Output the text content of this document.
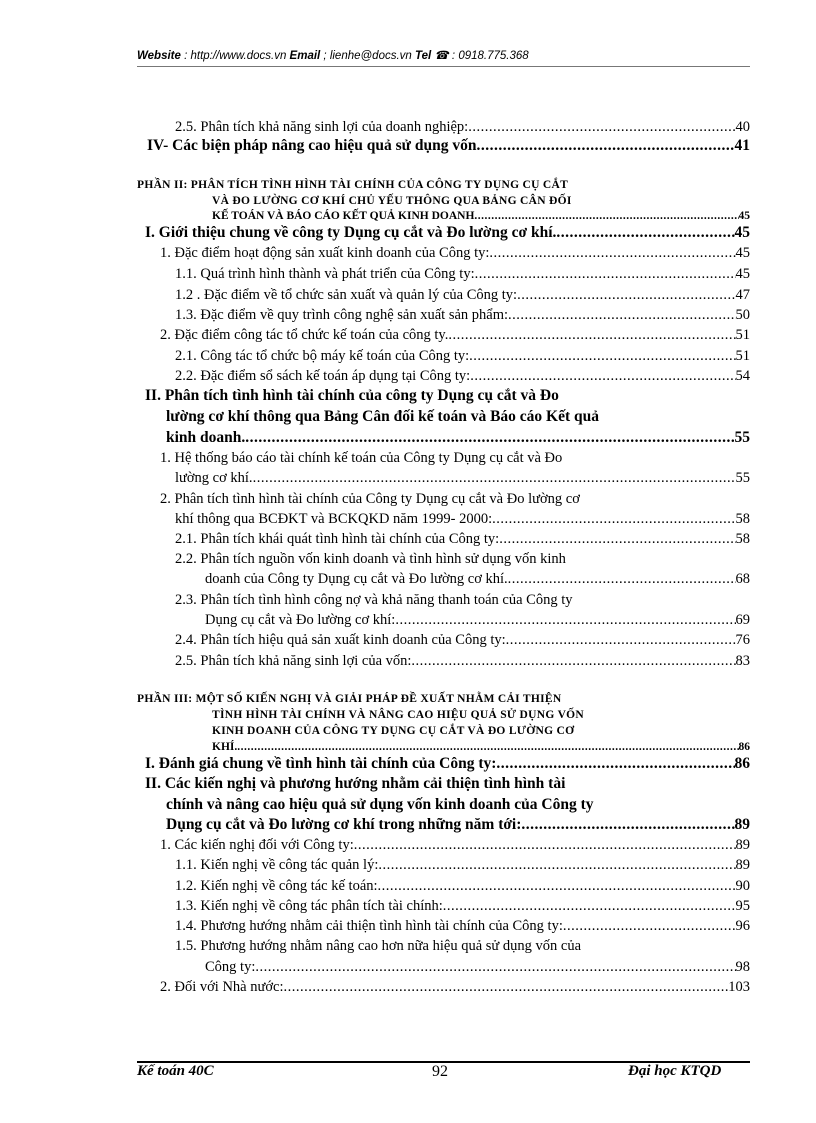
Website : http://www.docs.vn Email ; lienhe@docs.vn Tel ☎ : 0918.775.368
2.5. Phân tích khả năng sinh lợi của doanh nghiệp: .....	40
IV- Các biện pháp nâng cao hiệu quả sử dụng vốn .....	41
PHẦN II: PHÂN TÍCH TÌNH HÌNH TÀI CHÍNH CỦA CÔNG TY DỤNG CỤ CẮT
VÀ ĐO LƯỜNG CƠ KHÍ CHỦ YẾU THÔNG QUA BẢNG CÂN ĐỐI
KẾ TOÁN VÀ BÁO CÁO KẾT QUẢ KINH DOANH .....	45
I. Giới thiệu chung về công ty Dụng cụ cắt và Đo lường cơ khí. .....	45
1. Đặc điểm hoạt động sản xuất kinh doanh của Công ty: .....	45
1.1. Quá trình hình thành và phát triển của Công ty: .....	45
1.2 . Đặc điểm về tổ chức sản xuất và quản lý của Công ty: .....	47
1.3. Đặc điểm về quy trình công nghệ sản xuất sản phẩm: .....	50
2. Đặc điểm công tác tổ chức kế toán của công ty. .....	51
2.1. Công tác tổ chức bộ máy kế toán của Công ty: .....	51
2.2. Đặc điểm sổ sách kế toán áp dụng tại Công ty: .....	54
II. Phân tích tình hình tài chính của công ty Dụng cụ cắt và Đo
lường cơ khí thông qua Bảng Cân đối kế toán và Báo cáo Kết quả
kinh doanh. .....	55
1. Hệ thống báo cáo tài chính kế toán của Công ty Dụng cụ cắt và Đo
lường cơ khí. .....	55
2. Phân tích tình hình tài chính của Công ty Dụng cụ cắt và Đo lường cơ
khí thông qua BCĐKT và BCKQKD năm 1999- 2000: .....	58
2.1. Phân tích khái quát tình hình tài chính của Công ty: .....	58
2.2. Phân tích nguồn vốn kinh doanh và tình hình sử dụng vốn kinh
doanh của Công ty Dụng cụ cắt và Đo lường cơ khí. .....	68
2.3. Phân tích tình hình công nợ và khả năng thanh toán của Công ty
Dụng cụ cắt và Đo lường cơ khí: .....	69
2.4. Phân tích hiệu quả sản xuất kinh doanh của Công ty: .....	76
2.5. Phân tích khả năng sinh lợi của vốn: .....	83
PHẦN III: MỘT SỐ KIẾN NGHỊ VÀ GIẢI PHÁP ĐỀ XUẤT NHẰM CẢI THIỆN
TÌNH HÌNH TÀI CHÍNH VÀ NÂNG CAO HIỆU QUẢ SỬ DỤNG VỐN
KINH DOANH CỦA CÔNG TY DỤNG CỤ CẮT VÀ ĐO LƯỜNG CƠ
KHÍ. .....	86
I. Đánh giá chung về tình hình tài chính của Công ty: .....	86
II. Các kiến nghị và phương hướng nhằm cải thiện tình hình tài
chính và nâng cao hiệu quả sử dụng vốn kinh doanh của Công ty
Dụng cụ cắt và Đo lường cơ khí trong những năm tới: .....	89
1. Các kiến nghị đối với Công ty: .....	89
1.1. Kiến nghị về công tác quản lý: .....	89
1.2. Kiến nghị về công tác kế toán: .....	90
1.3. Kiến nghị về công tác phân tích tài chính: .....	95
1.4. Phương hướng nhằm cải thiện tình hình tài chính của Công ty: .....	96
1.5. Phương hướng nhằm nâng cao hơn nữa hiệu quả sử dụng vốn của
Công ty: .....	98
2. Đối với Nhà nước: .....	103
Kế toán 40C	92	Đại học KTQD
